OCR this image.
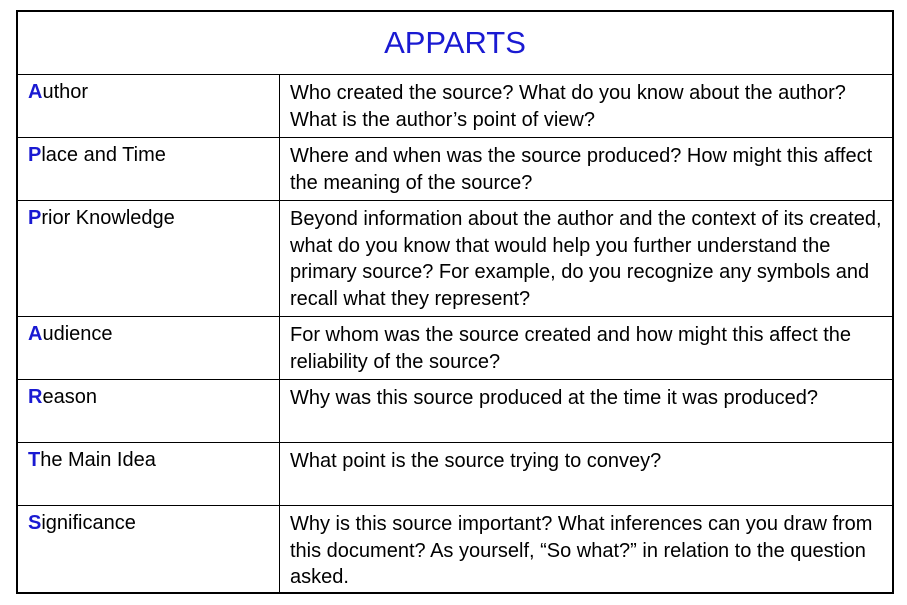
APPARTS
Author	Who created the source? What do you know about the author? What is the author’s point of view?
Place and Time	Where and when was the source produced? How might this affect the meaning of the source?
Prior Knowledge	Beyond information about the author and the context of its created, what do you know that would help you further understand the primary source? For example, do you recognize any symbols and recall what they represent?
Audience	For whom was the source created and how might this affect the reliability of the source?
Reason	Why was this source produced at the time it was produced?
The Main Idea	What point is the source trying to convey?
Significance	Why is this source important? What inferences can you draw from this document? As yourself, “So what?” in relation to the question asked.
